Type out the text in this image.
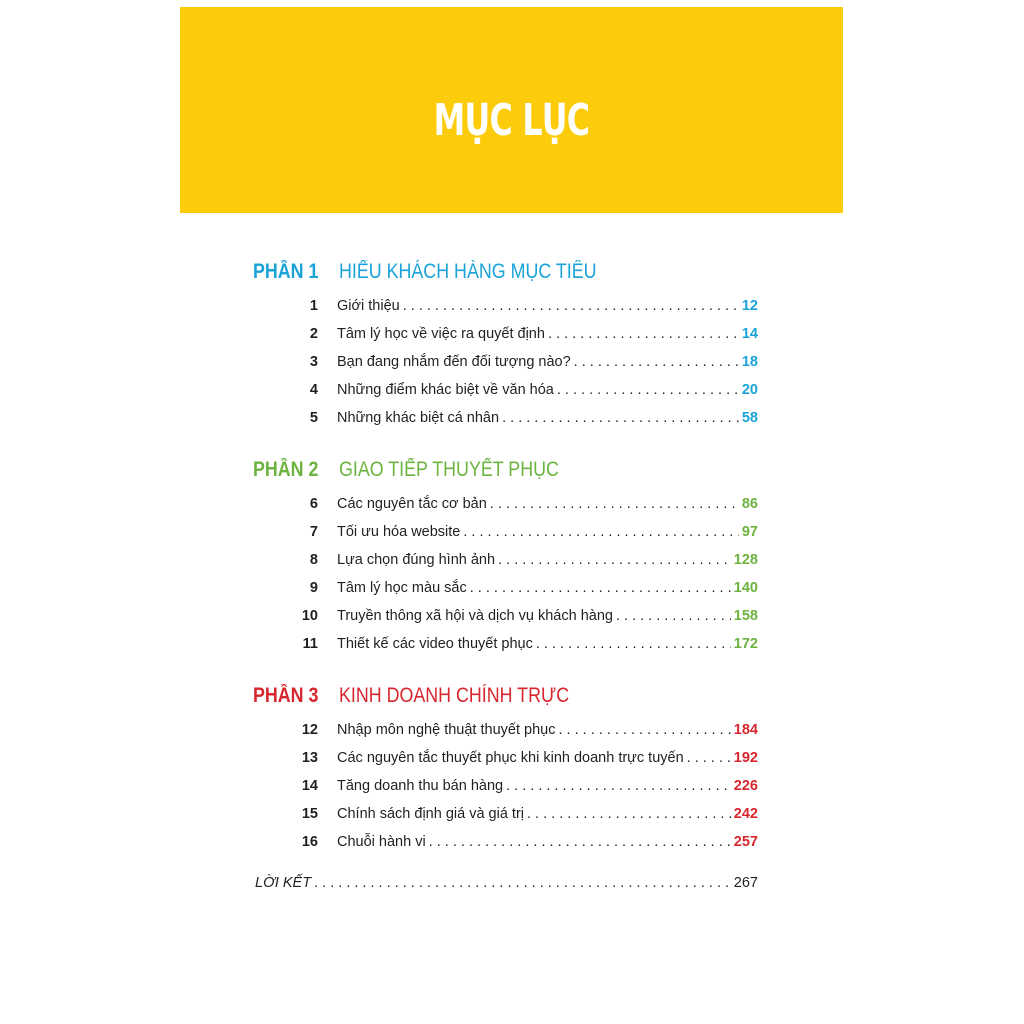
MỤC LỤC
PHẦN 1 HIỂU KHÁCH HÀNG MỤC TIÊU
1 Giới thiệu . . .	12
2 Tâm lý học về việc ra quyết định . . .	14
3 Bạn đang nhắm đến đối tượng nào? . . .	18
4 Những điểm khác biệt về văn hóa . . .	20
5 Những khác biệt cá nhân . . .	58
PHẦN 2 GIAO TIẾP THUYẾT PHỤC
6 Các nguyên tắc cơ bản . . .	86
7 Tối ưu hóa website . . .	97
8 Lựa chọn đúng hình ảnh . . .	128
9 Tâm lý học màu sắc . . .	140
10 Truyền thông xã hội và dịch vụ khách hàng . . .	158
11 Thiết kế các video thuyết phục . . .	172
PHẦN 3 KINH DOANH CHÍNH TRỰC
12 Nhập môn nghệ thuật thuyết phục . . .	184
13 Các nguyên tắc thuyết phục khi kinh doanh trực tuyến . . .	192
14 Tăng doanh thu bán hàng . . .	226
15 Chính sách định giá và giá trị . . .	242
16 Chuỗi hành vi . . .	257
LỜI KẾT . . .	267
